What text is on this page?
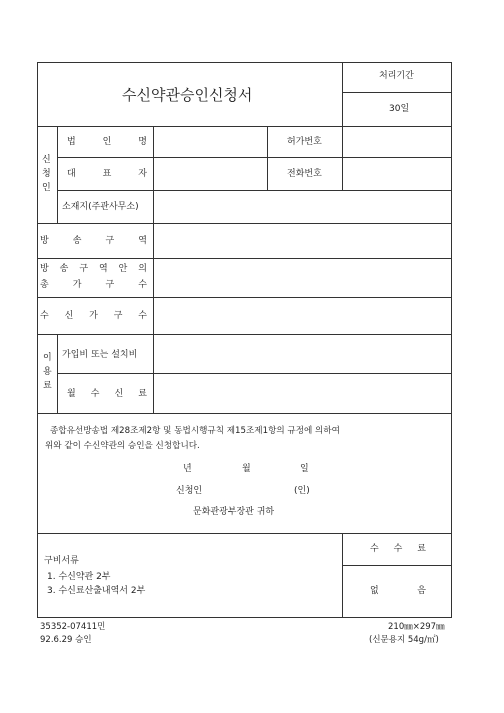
수신약관승인신청서
처리기간
30일
신
청
인
법	인	명	허가번호
대	표	자	전화번호
소재지(주관사무소)
방	송	구	역
방 송 구 역 안 의
총	가	구	수
수 신 가 구 수
이
용
료
가입비 또는 설치비
월 수 신 료
종합유선방송법 제28조제2항 및 동법시행규칙 제15조제1항의 규정에 의하여
위와 같이 수신약관의 승인을 신청합니다.
년	월	일
신청인	(인)
문화관광부장관 귀하
구비서류
1. 수신약관 2부
3. 수신료산출내역서 2부
수 수 료
없	음
35352-07411민
92.6.29 승인
210㎜×297㎜
(신문용지 54g/㎡)
